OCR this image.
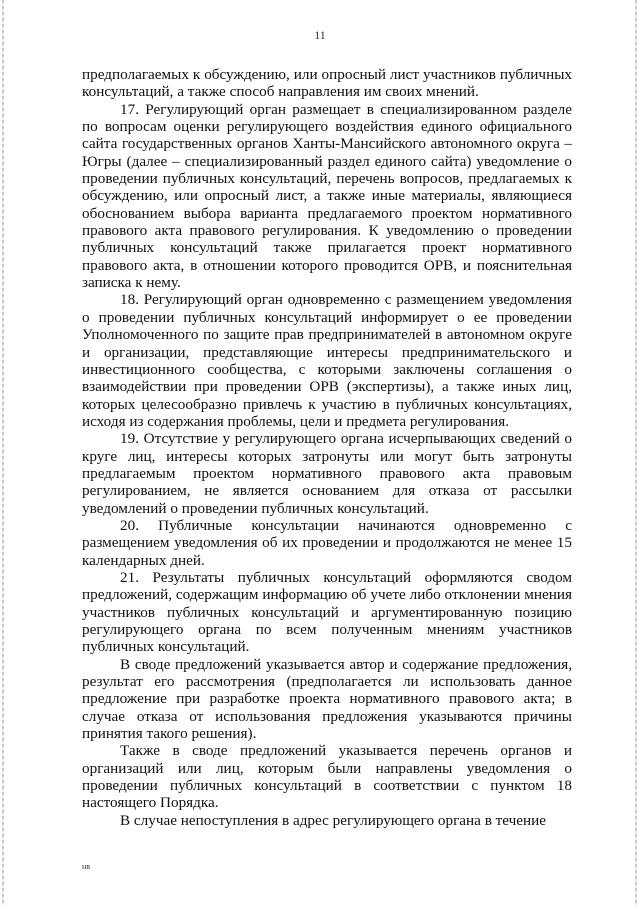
11

предполагаемых к обсуждению, или опросный лист участников публичных консультаций, а также способ направления им своих мнений.

17. Регулирующий орган размещает в специализированном разделе по вопросам оценки регулирующего воздействия единого официального сайта государственных органов Ханты-Мансийского автономного округа – Югры (далее – специализированный раздел единого сайта) уведомление о проведении публичных консультаций, перечень вопросов, предлагаемых к обсуждению, или опросный лист, а также иные материалы, являющиеся обоснованием выбора варианта предлагаемого проектом нормативного правового акта правового регулирования. К уведомлению о проведении публичных консультаций также прилагается проект нормативного правового акта, в отношении которого проводится ОРВ, и пояснительная записка к нему.

18. Регулирующий орган одновременно с размещением уведомления о проведении публичных консультаций информирует о ее проведении Уполномоченного по защите прав предпринимателей в автономном округе и организации, представляющие интересы предпринимательского и инвестиционного сообщества, с которыми заключены соглашения о взаимодействии при проведении ОРВ (экспертизы), а также иных лиц, которых целесообразно привлечь к участию в публичных консультациях, исходя из содержания проблемы, цели и предмета регулирования.

19. Отсутствие у регулирующего органа исчерпывающих сведений о круге лиц, интересы которых затронуты или могут быть затронуты предлагаемым проектом нормативного правового акта правовым регулированием, не является основанием для отказа от рассылки уведомлений о проведении публичных консультаций.

20. Публичные консультации начинаются одновременно с размещением уведомления об их проведении и продолжаются не менее 15 календарных дней.

21. Результаты публичных консультаций оформляются сводом предложений, содержащим информацию об учете либо отклонении мнения участников публичных консультаций и аргументированную позицию регулирующего органа по всем полученным мнениям участников публичных консультаций.

В своде предложений указывается автор и содержание предложения, результат его рассмотрения (предполагается ли использовать данное предложение при разработке проекта нормативного правового акта; в случае отказа от использования предложения указываются причины принятия такого решения).

Также в своде предложений указывается перечень органов и организаций или лиц, которым были направлены уведомления о проведении публичных консультаций в соответствии с пунктом 18 настоящего Порядка.

В случае непоступления в адрес регулирующего органа в течение

нв
